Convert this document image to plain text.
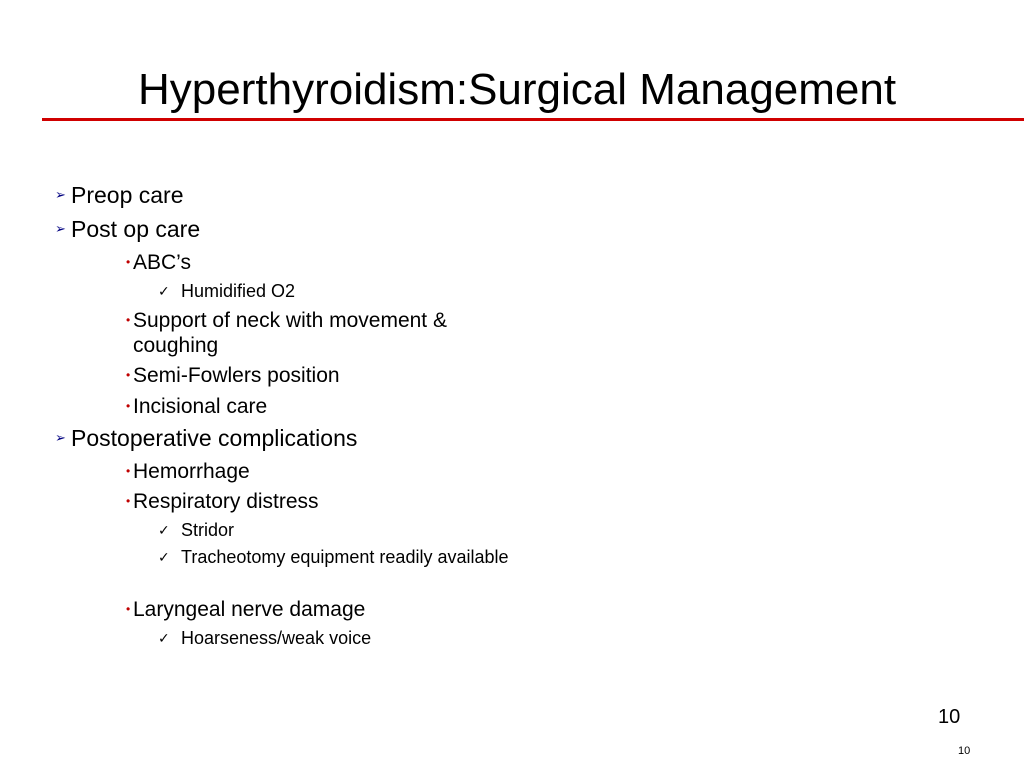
Hyperthyroidism:Surgical Management
➢ Preop care
➢ Post op care
• ABC’s
✓ Humidified O2
• Support of neck with movement & coughing
• Semi-Fowlers position
• Incisional care
➢ Postoperative complications
• Hemorrhage
• Respiratory distress
✓ Stridor
✓ Tracheotomy equipment readily available
• Laryngeal nerve damage
✓ Hoarseness/weak voice
10
10
